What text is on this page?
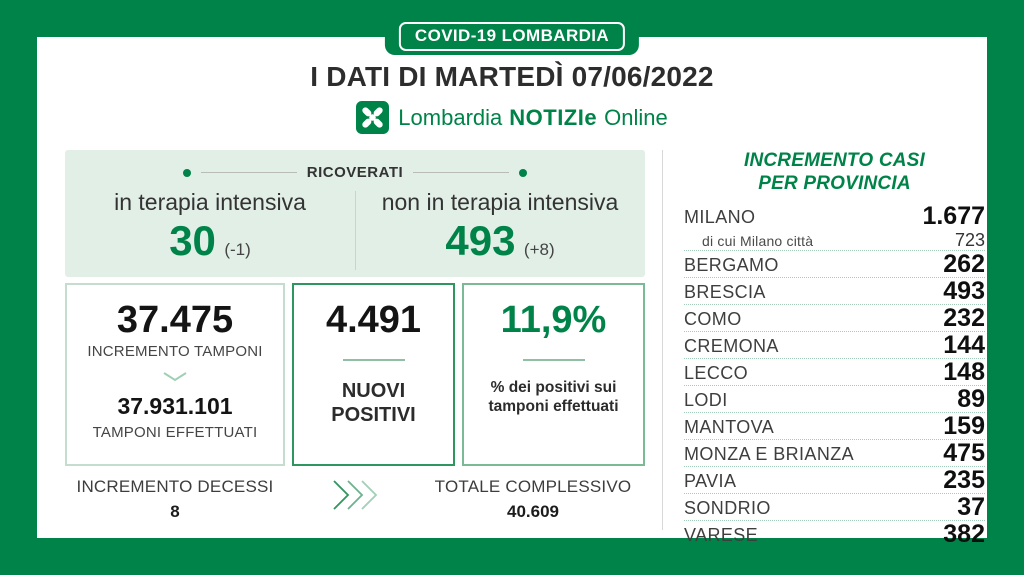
COVID-19 LOMBARDIA
I DATI DI MARTEDÌ 07/06/2022
Lombardia NOTIZIe Online
RICOVERATI
in terapia intensiva
30 (-1)
non in terapia intensiva
493 (+8)
37.475
INCREMENTO TAMPONI
37.931.101
TAMPONI EFFETTUATI
4.491
NUOVI POSITIVI
11,9%
% dei positivi sui tamponi effettuati
INCREMENTO DECESSI
8
TOTALE COMPLESSIVO
40.609
INCREMENTO CASI
PER PROVINCIA
MILANO	1.677
di cui Milano città	723
BERGAMO	262
BRESCIA	493
COMO	232
CREMONA	144
LECCO	148
LODI	89
MANTOVA	159
MONZA E BRIANZA	475
PAVIA	235
SONDRIO	37
VARESE	382
